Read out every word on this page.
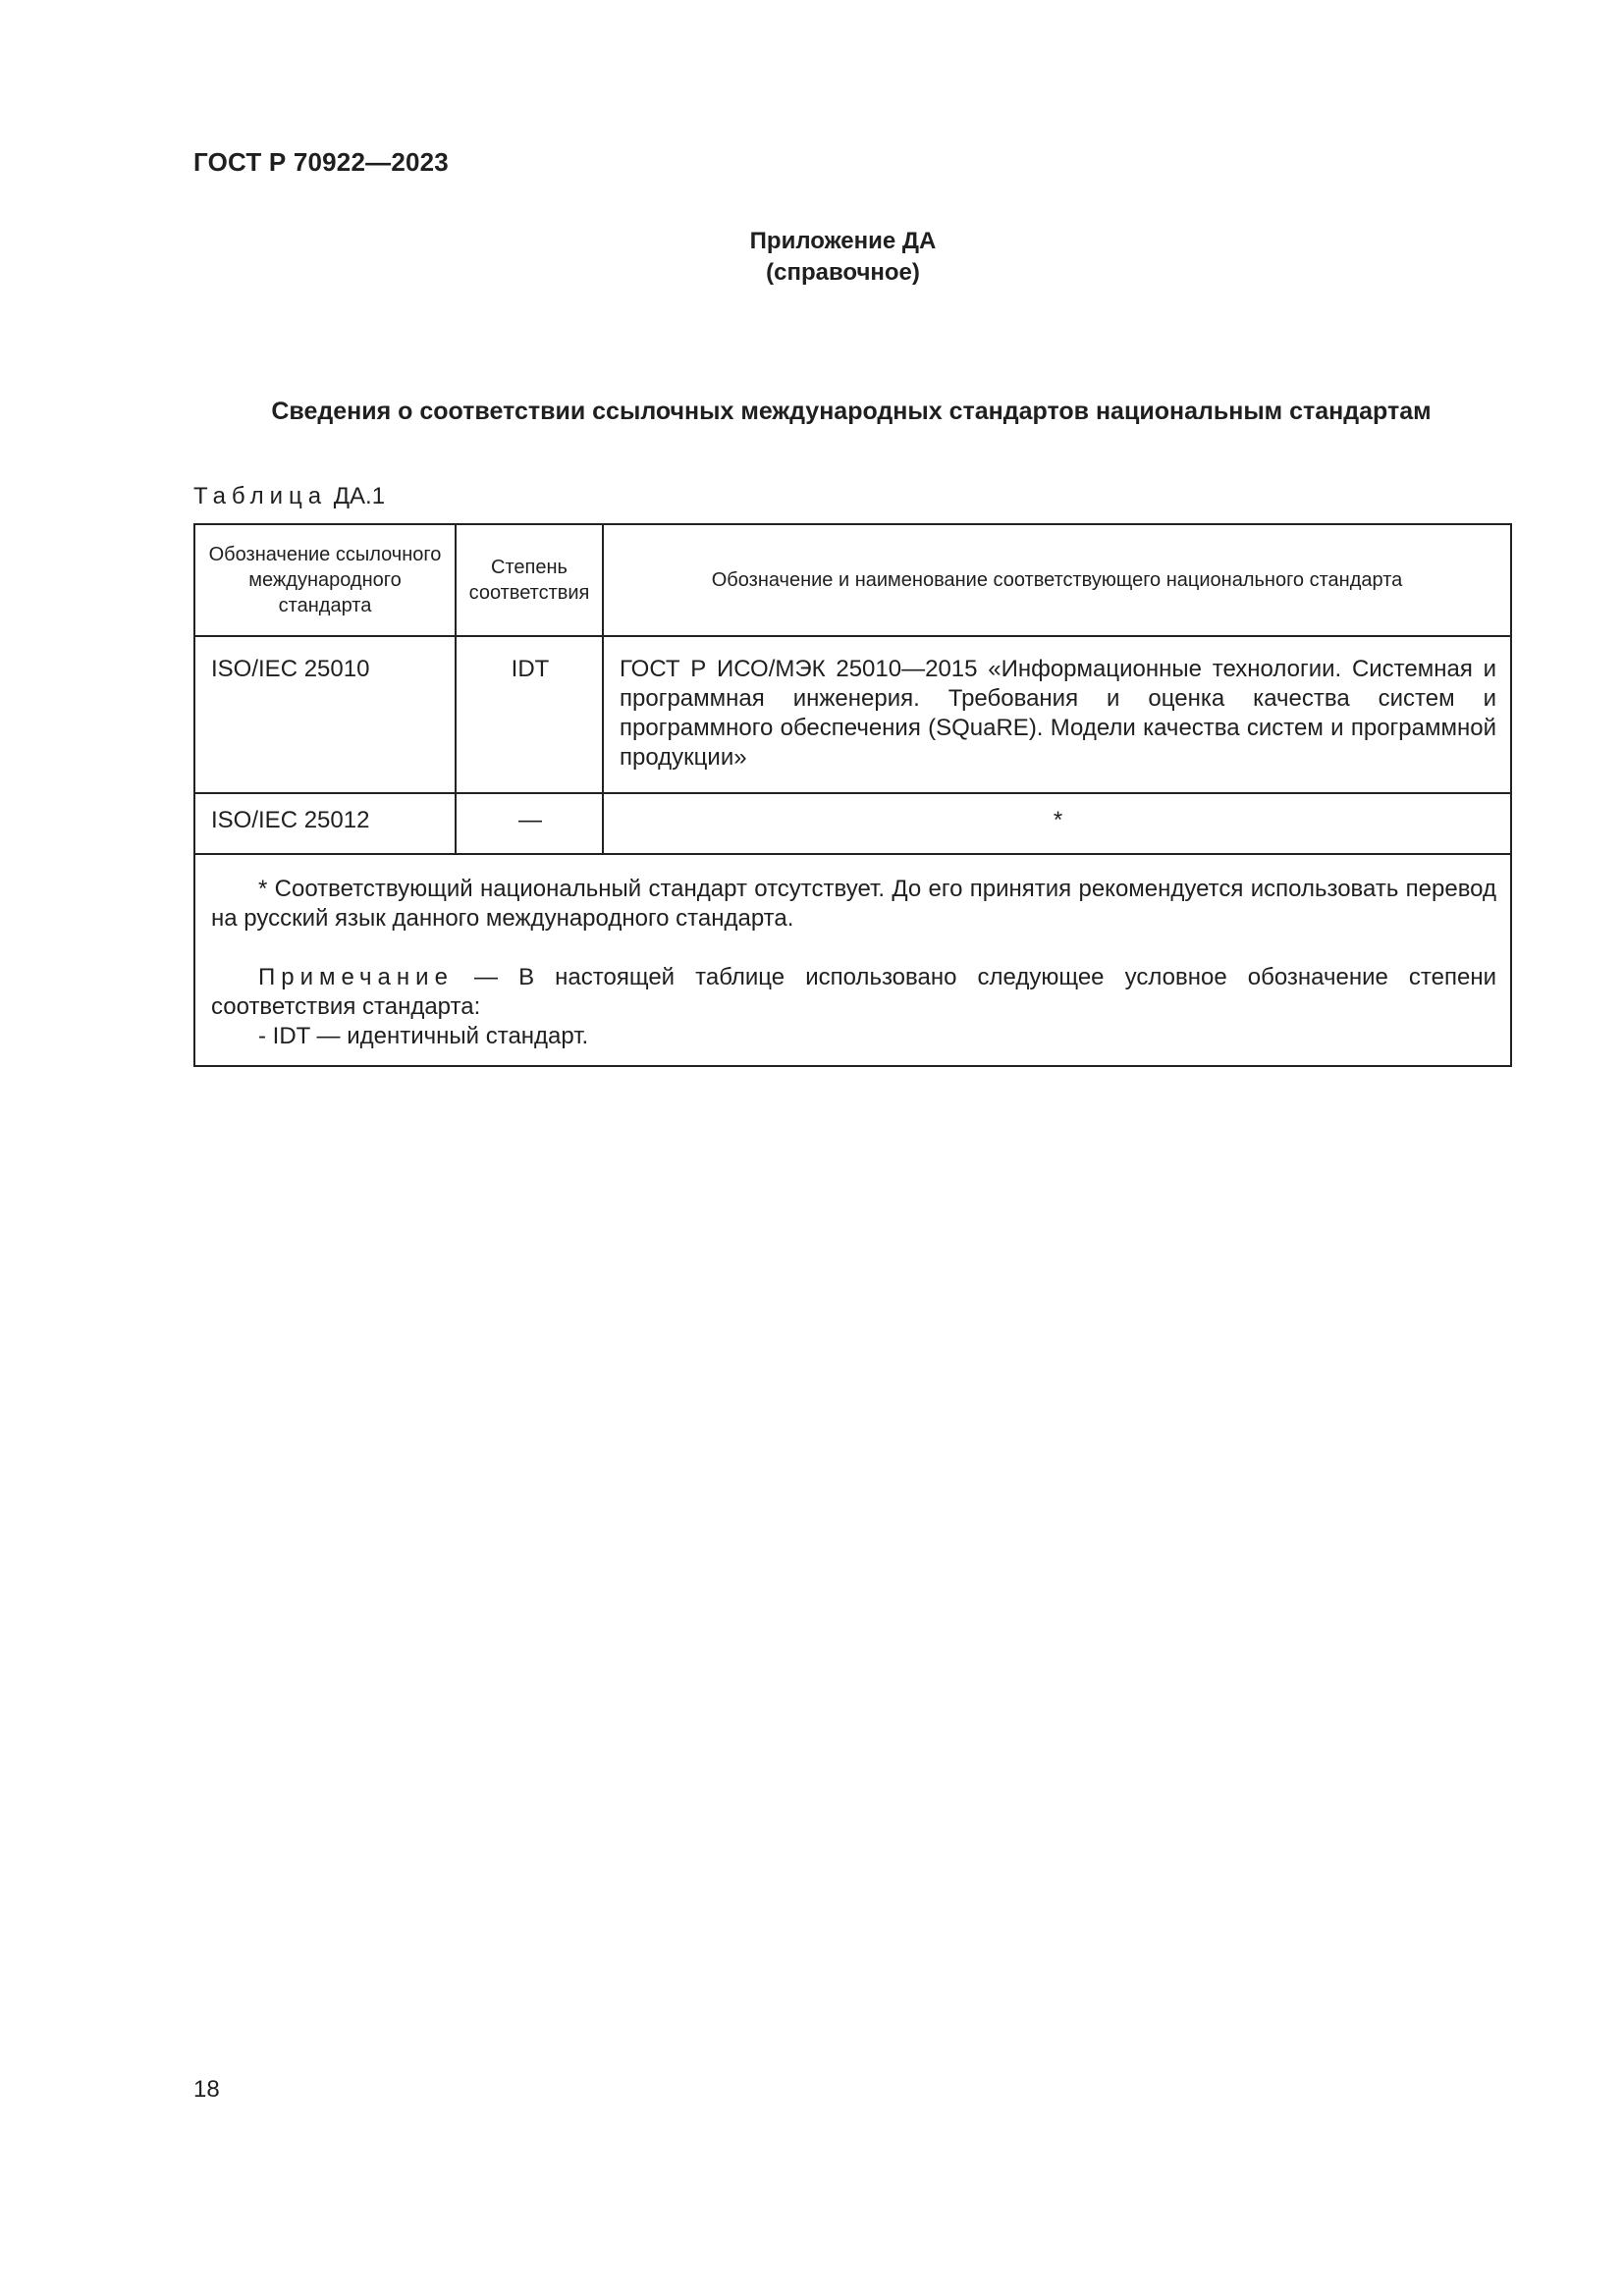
ГОСТ Р 70922—2023
Приложение ДА
(справочное)
Сведения о соответствии ссылочных международных стандартов национальным стандартам
Таблица ДА.1
Обозначение ссылочного международного стандарта	Степень соответствия	Обозначение и наименование соответствующего национального стандарта
ISO/IEC 25010	IDT	ГОСТ Р ИСО/МЭК 25010—2015 «Информационные технологии. Системная и программная инженерия. Требования и оценка качества систем и программного обеспечения (SQuaRE). Модели качества систем и программной продукции»
ISO/IEC 25012	—	*

* Соответствующий национальный стандарт отсутствует. До его принятия рекомендуется использовать перевод на русский язык данного международного стандарта.

Примечание — В настоящей таблице использовано следующее условное обозначение степени соответствия стандарта:

- IDT — идентичный стандарт.		

18
